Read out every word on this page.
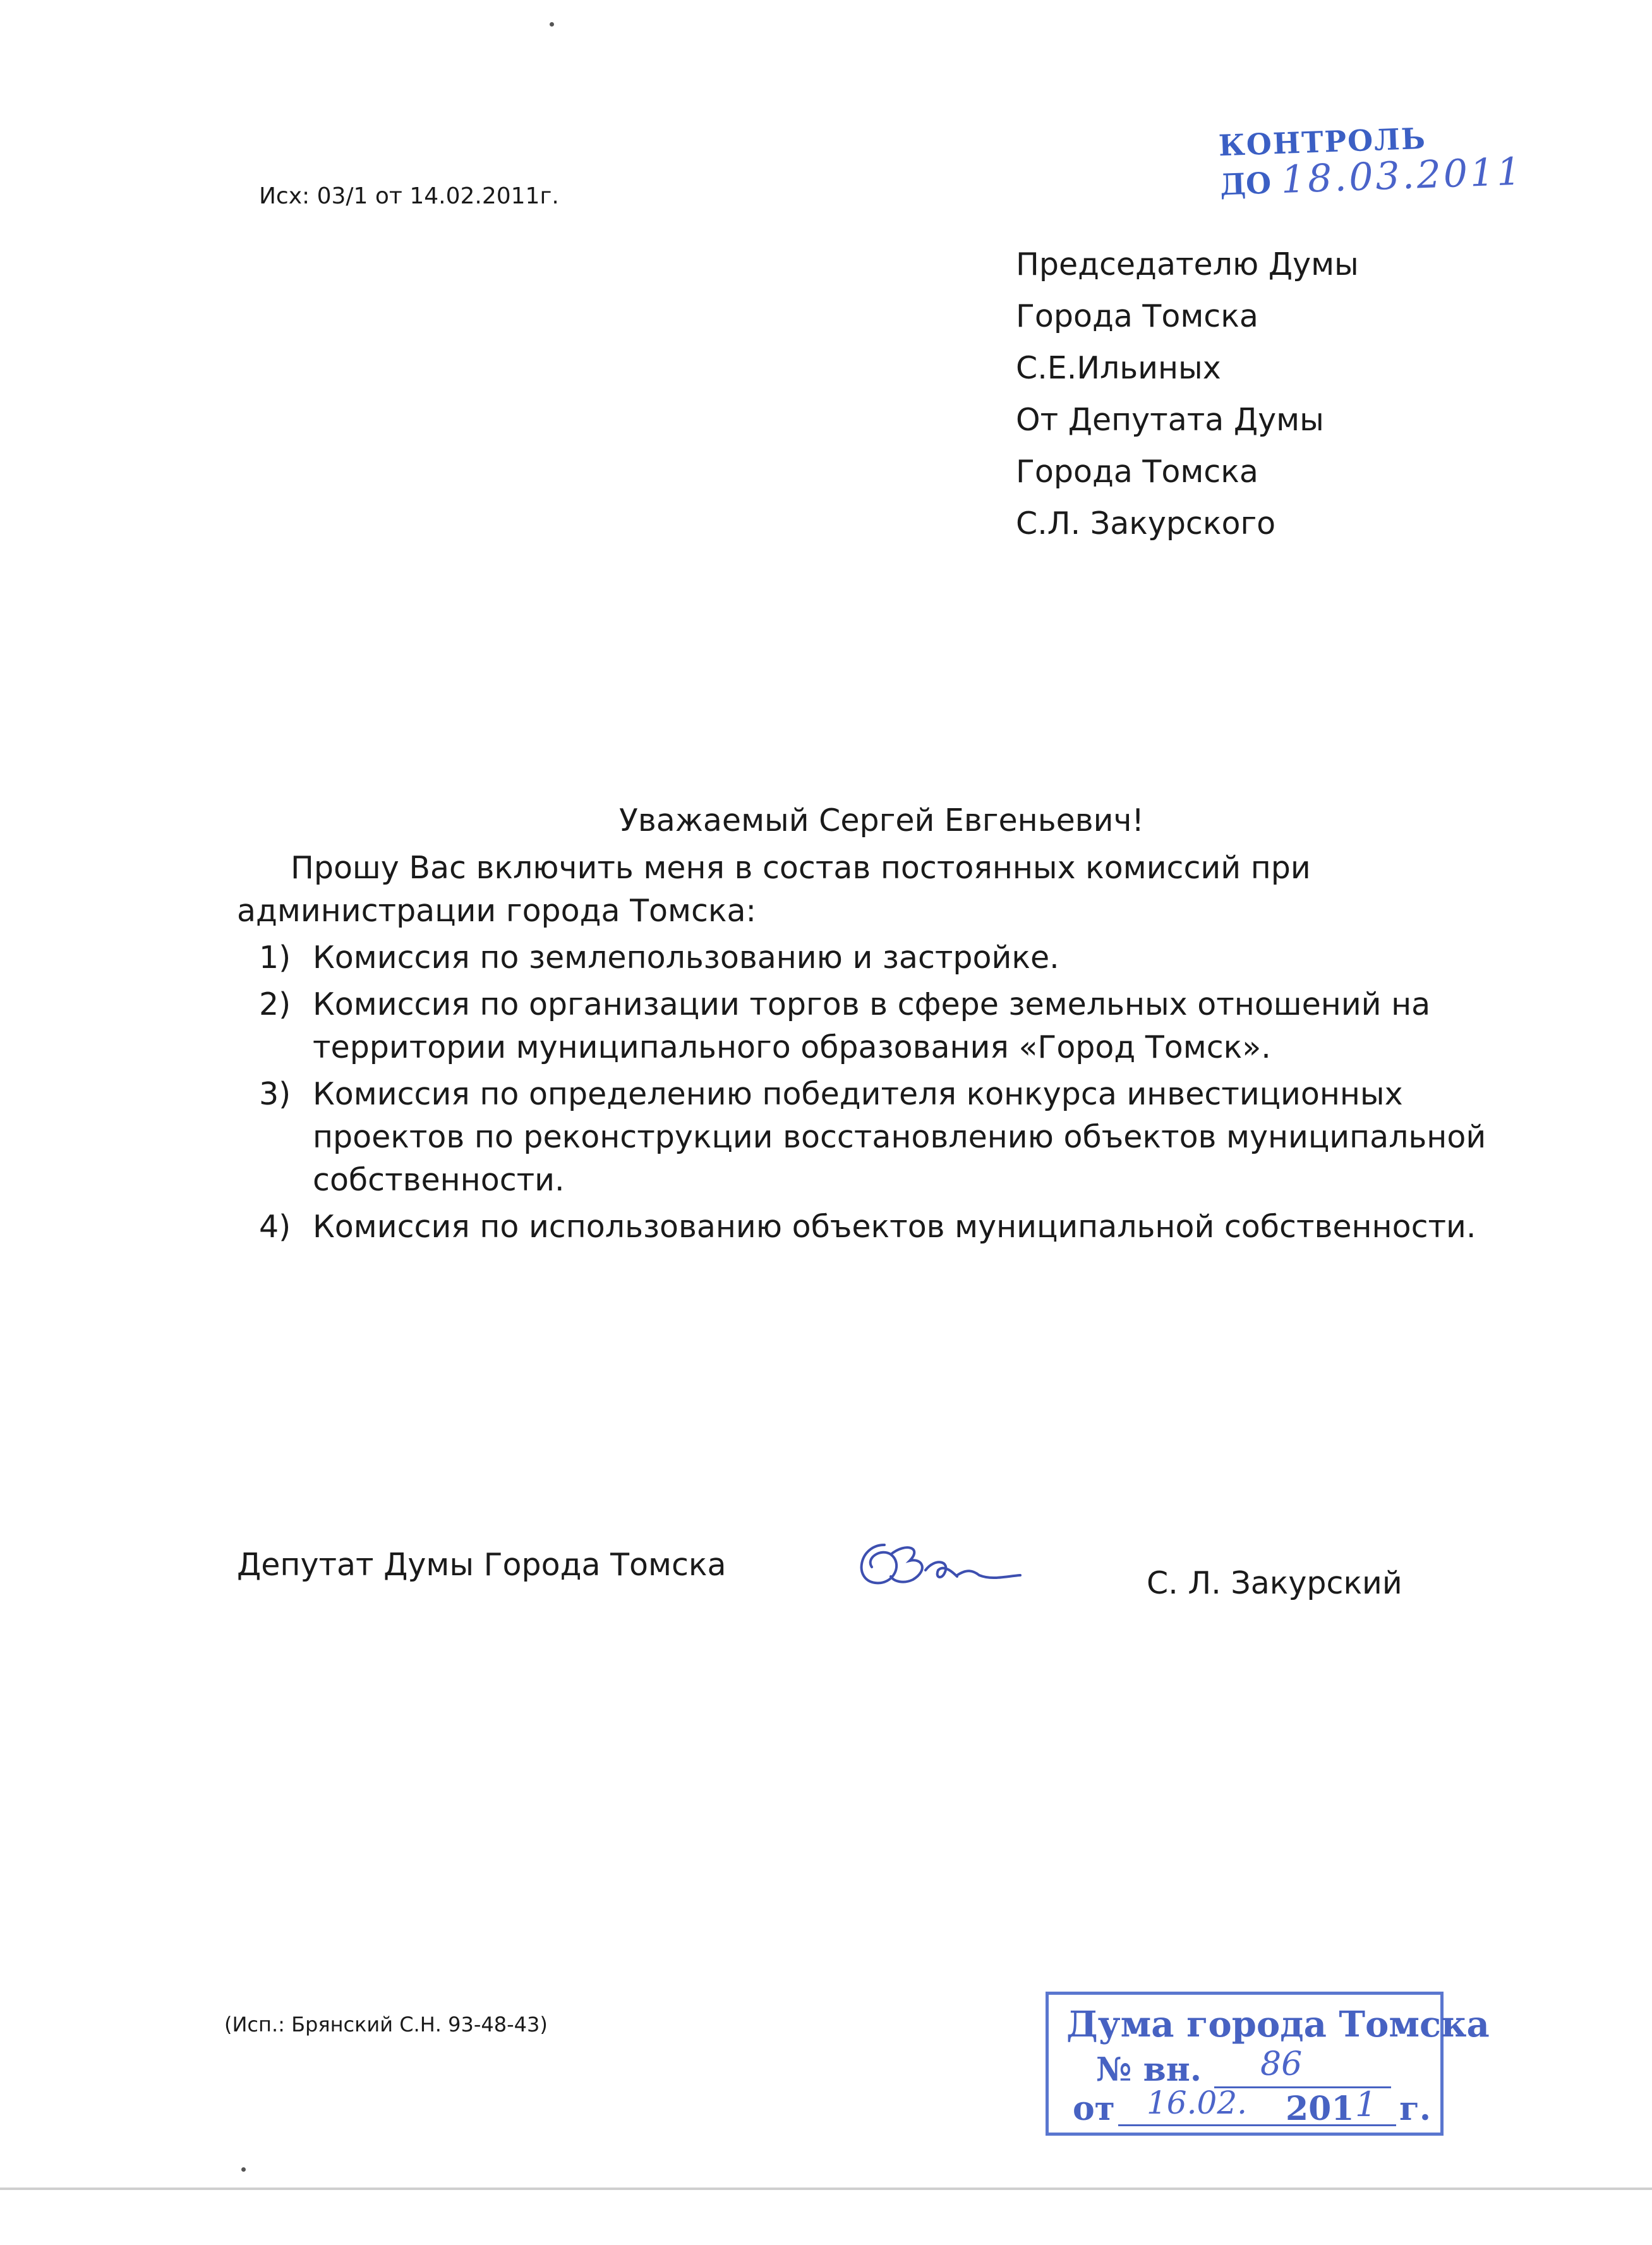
Исх: 03/1 от 14.02.2011г.
КОНТРОЛЬ
ДО 18.03.2011
Председателю Думы
Города Томска
С.Е.Ильиных
От Депутата Думы
Города Томска
С.Л. Закурского
Уважаемый Сергей Евгеньевич!

Прошу Вас включить меня в состав постоянных комиссий при администрации города Томска:

1) Комиссия по землепользованию и застройке.
2) Комиссия по организации торгов в сфере земельных отношений на территории муниципального образования «Город Томск».
3) Комиссия по определению победителя конкурса инвестиционных проектов по реконструкции восстановлению объектов муниципальной собственности.
4) Комиссия по использованию объектов муниципальной собственности.
Депутат Думы Города Томска
С. Л. Закурский
(Исп.: Брянский С.Н. 93-48-43)	Дума города Томска
№ вн. 86
от 16.02. 201 1 г.
